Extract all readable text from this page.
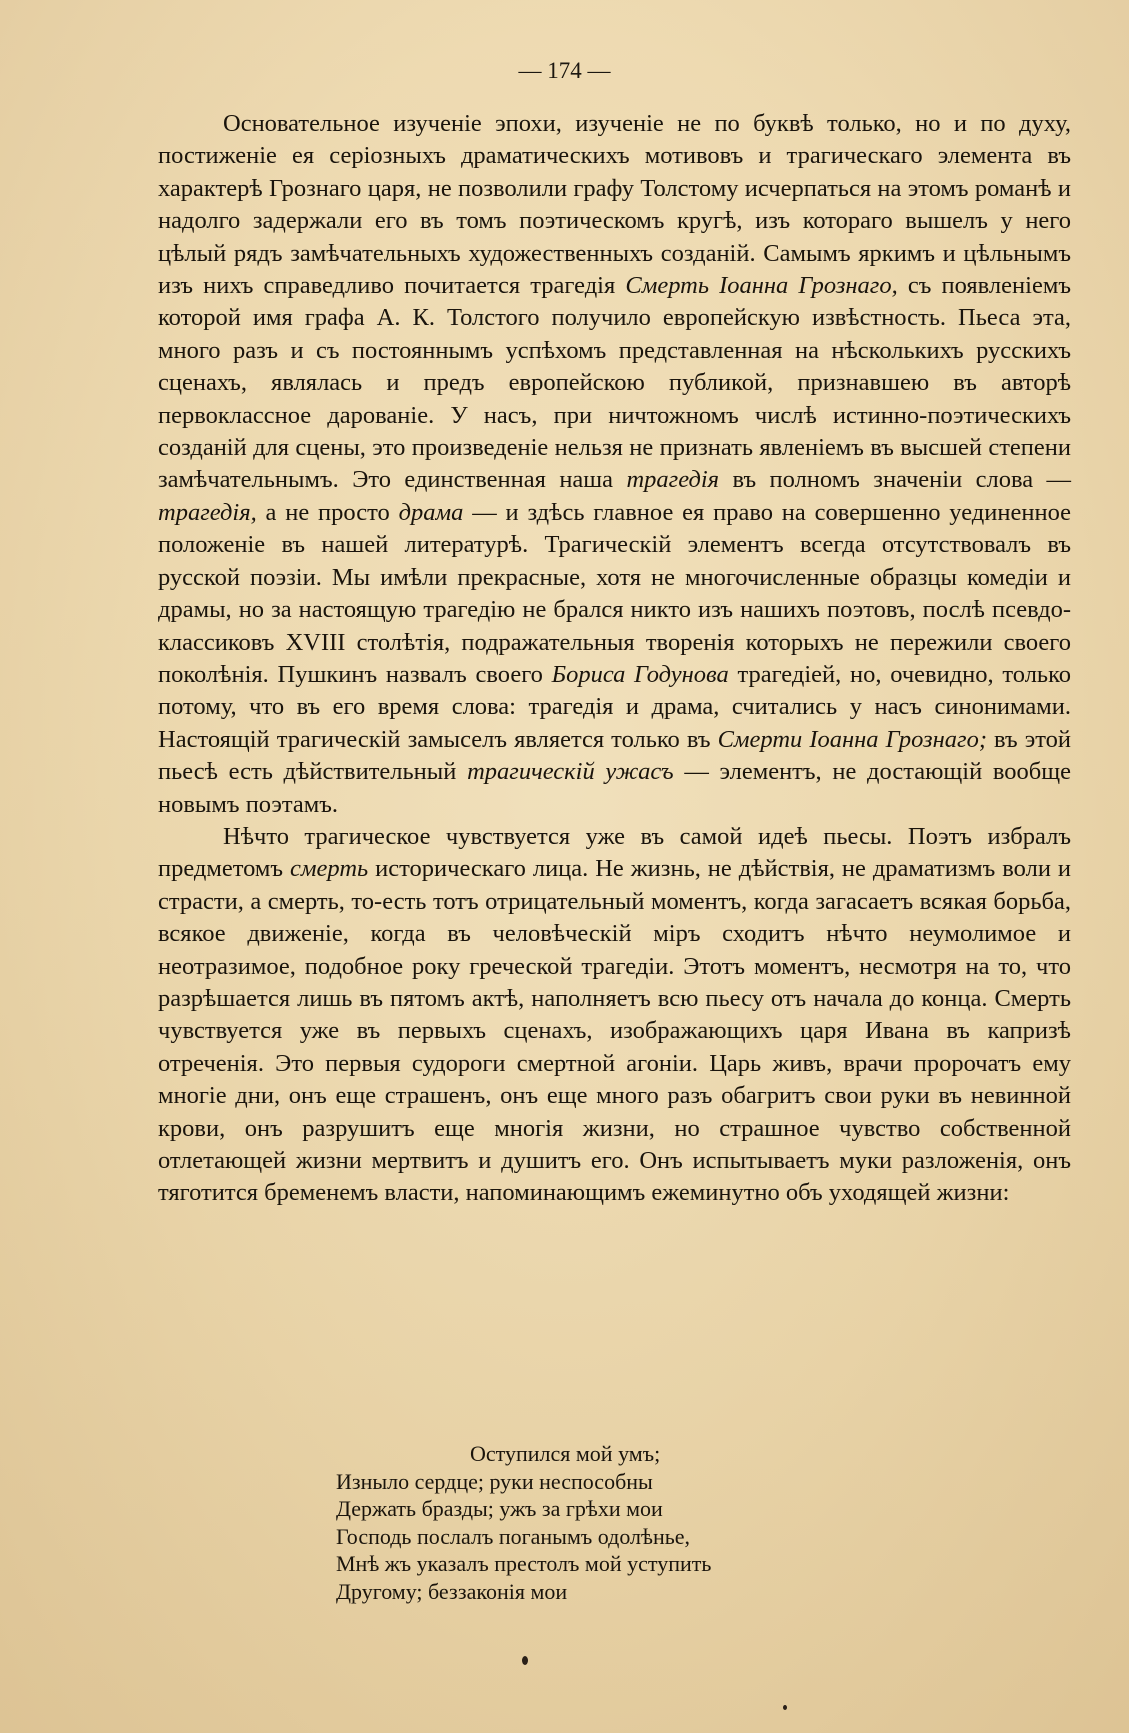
— 174 —

Основательное изученіе эпохи, изученіе не по буквѣ только, но и по духу, постиженіе ея серіозныхъ драматическихъ мотивовъ и трагическаго элемента въ характерѣ Грознаго царя, не позволили графу Толстому исчерпаться на этомъ романѣ и надолго задержали его въ томъ поэтическомъ кругѣ, изъ котораго вышелъ у него цѣлый рядъ замѣчательныхъ художественныхъ созданій. Самымъ яркимъ и цѣльнымъ изъ нихъ справедливо почитается трагедія Смерть Іоанна Грознаго, съ появленіемъ которой имя графа А. К. Толстого получило европейскую извѣстность. Пьеса эта, много разъ и съ постояннымъ успѣхомъ представленная на нѣсколькихъ русскихъ сценахъ, являлась и предъ европейскою публикой, признавшею въ авторѣ первоклассное дарованіе. У насъ, при ничтожномъ числѣ истинно-поэтическихъ созданій для сцены, это произведеніе нельзя не признать явленіемъ въ высшей степени замѣчательнымъ. Это единственная наша трагедія въ полномъ значеніи слова — трагедія, а не просто драма — и здѣсь главное ея право на совершенно уединенное положеніе въ нашей литературѣ. Трагическій элементъ всегда отсутствовалъ въ русской поэзіи. Мы имѣли прекрасные, хотя не многочисленные образцы комедіи и драмы, но за настоящую трагедію не брался никто изъ нашихъ поэтовъ, послѣ псевдо-классиковъ XVIII столѣтія, подражательныя творенія которыхъ не пережили своего поколѣнія. Пушкинъ назвалъ своего Бориса Годунова трагедіей, но, очевидно, только потому, что въ его время слова: трагедія и драма, считались у насъ синонимами. Настоящій трагическій замыселъ является только въ Смерти Іоанна Грознаго; въ этой пьесѣ есть дѣйствительный трагическій ужасъ — элементъ, не достающій вообще новымъ поэтамъ.

Нѣчто трагическое чувствуется уже въ самой идеѣ пьесы. Поэтъ избралъ предметомъ смерть историческаго лица. Не жизнь, не дѣйствія, не драматизмъ воли и страсти, а смерть, то-есть тотъ отрицательный моментъ, когда загасаетъ всякая борьба, всякое движеніе, когда въ человѣческій міръ сходитъ нѣчто неумолимое и неотразимое, подобное року греческой трагедіи. Этотъ моментъ, несмотря на то, что разрѣшается лишь въ пятомъ актѣ, наполняетъ всю пьесу отъ начала до конца. Смерть чувствуется уже въ первыхъ сценахъ, изображающихъ царя Ивана въ капризѣ отреченія. Это первыя судороги смертной агоніи. Царь живъ, врачи пророчатъ ему многіе дни, онъ еще страшенъ, онъ еще много разъ обагритъ свои руки въ невинной крови, онъ разрушитъ еще многія жизни, но страшное чувство собственной отлетающей жизни мертвитъ и душитъ его. Онъ испытываетъ муки разложенія, онъ тяготится бременемъ власти, напоминающимъ ежеминутно объ уходящей жизни:

Оступился мой умъ;
Изныло сердце; руки неспособны
Держать бразды; ужъ за грѣхи мои
Господь послалъ поганымъ одолѣнье,
Мнѣ жъ указалъ престолъ мой уступить
Другому; беззаконія мои
